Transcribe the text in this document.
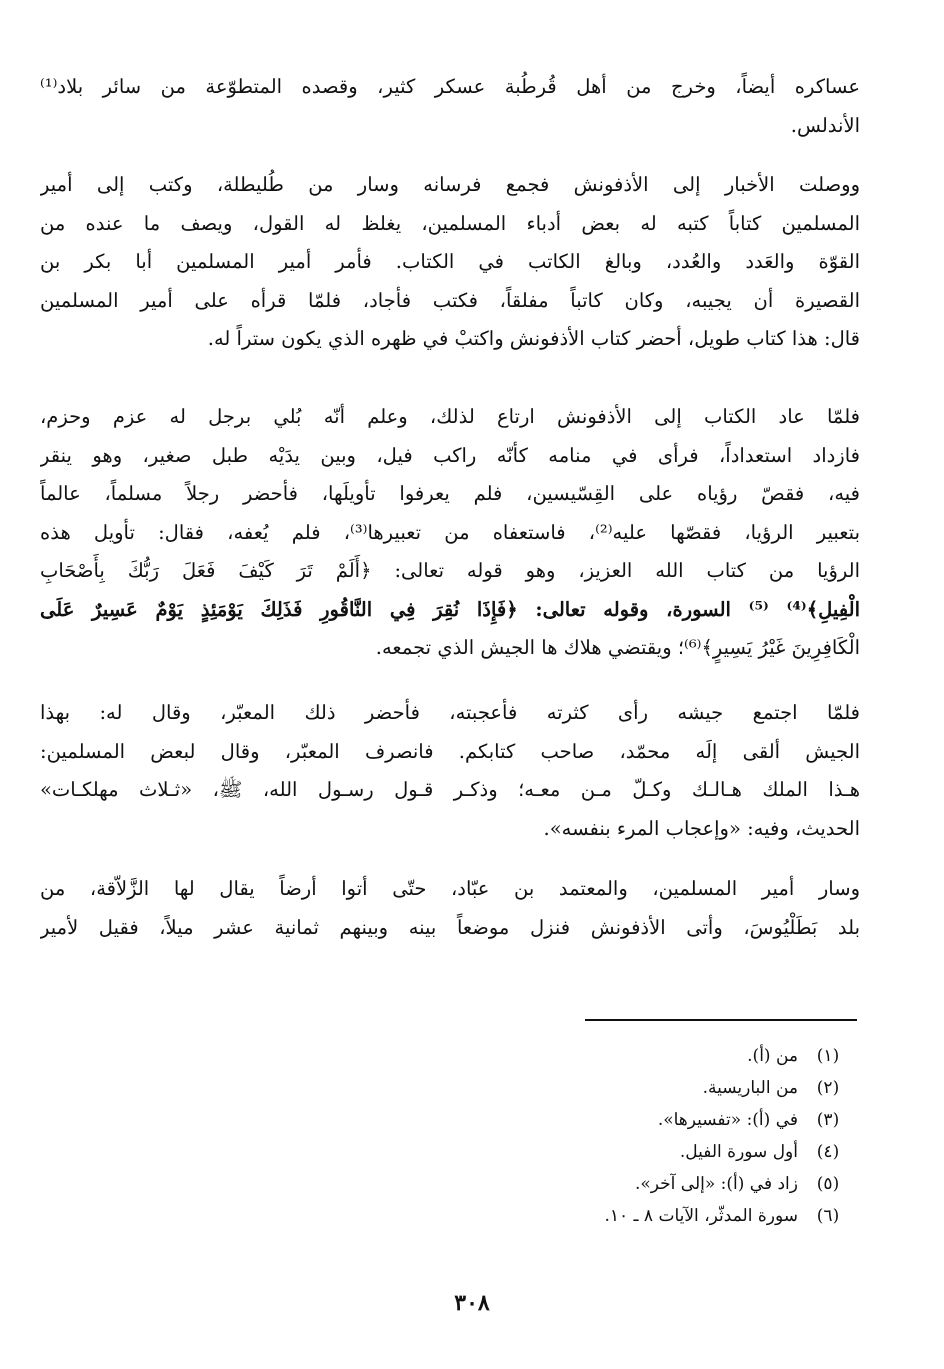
عساكره أيضاً، وخرج من أهل قُرطُبة عسكر كثير، وقصده المتطوّعة من سائر بلاد⁽¹⁾
الأندلس.
ووصلت الأخبار إلى الأذفونش فجمع فرسانه وسار من طُليطلة، وكتب إلى أمير
المسلمين كتاباً كتبه له بعض أدباء المسلمين، يغلظ له القول، ويصف ما عنده من
القوّة والعَدد والعُدد، وبالغ الكاتب في الكتاب. فأمر أمير المسلمين أبا بكر بن
القصيرة أن يجيبه، وكان كاتباً مفلقاً، فكتب فأجاد، فلمّا قرأه على أمير المسلمين
قال: هذا كتاب طويل، أحضر كتاب الأذفونش واكتبْ في ظهره الذي يكون ستراً له.
فلمّا عاد الكتاب إلى الأذفونش ارتاع لذلك، وعلم أنّه بُلي برجل له عزم وحزم،
فازداد استعداداً، فرأى في منامه كأنّه راكب فيل، وبين يدَيْه طبل صغير، وهو ينقر
فيه، فقصّ رؤياه على القِسّيسين، فلم يعرفوا تأويلَها، فأحضر رجلاً مسلماً، عالماً
بتعبير الرؤيا، فقصّها عليه⁽²⁾، فاستعفاه من تعبيرها⁽³⁾، فلم يُعفه، فقال: تأويل هذه
الرؤيا من كتاب الله العزيز، وهو قوله تعالى: ﴿أَلَمْ تَرَ كَيْفَ فَعَلَ رَبُّكَ بِأَصْحَابِ
الْفِيلِ﴾⁽⁴⁾ ⁽⁵⁾ السورة، وقوله تعالى: ﴿فَإِذَا نُقِرَ فِي النَّاقُورِ فَذَلِكَ يَوْمَئِذٍ يَوْمٌ عَسِيرٌ عَلَى
الْكَافِرِينَ غَيْرُ يَسِيرٍ﴾⁽⁶⁾؛ ويقتضي هلاك ها الجيش الذي تجمعه.
فلمّا اجتمع جيشه رأى كثرته فأعجبته، فأحضر ذلك المعبّر، وقال له: بهذا
الجيش ألقى إلَه محمّد، صاحب كتابكم. فانصرف المعبّر، وقال لبعض المسلمين:
هـذا الملك هـالـك وكـلّ مـن معـه؛ وذكـر قـول رسـول الله، ﷺ، «ثـلاث مهلكـات»
الحديث، وفيه: «وإعجاب المرء بنفسه».
وسار أمير المسلمين، والمعتمد بن عبّاد، حتّى أتوا أرضاً يقال لها الزَّلاّقة، من
بلد بَطَلْيُوسَ، وأتى الأذفونش فنزل موضعاً بينه وبينهم ثمانية عشر ميلاً، فقيل لأمير
(١)
من (أ).
(٢)
من الباريسية.
(٣)
في (أ): «تفسيرها».
(٤)
أول سورة الفيل.
(٥)
زاد في (أ): «إلى آخر».
(٦)
سورة المدثّر، الآيات ٨ ـ ١٠.
٣٠٨
